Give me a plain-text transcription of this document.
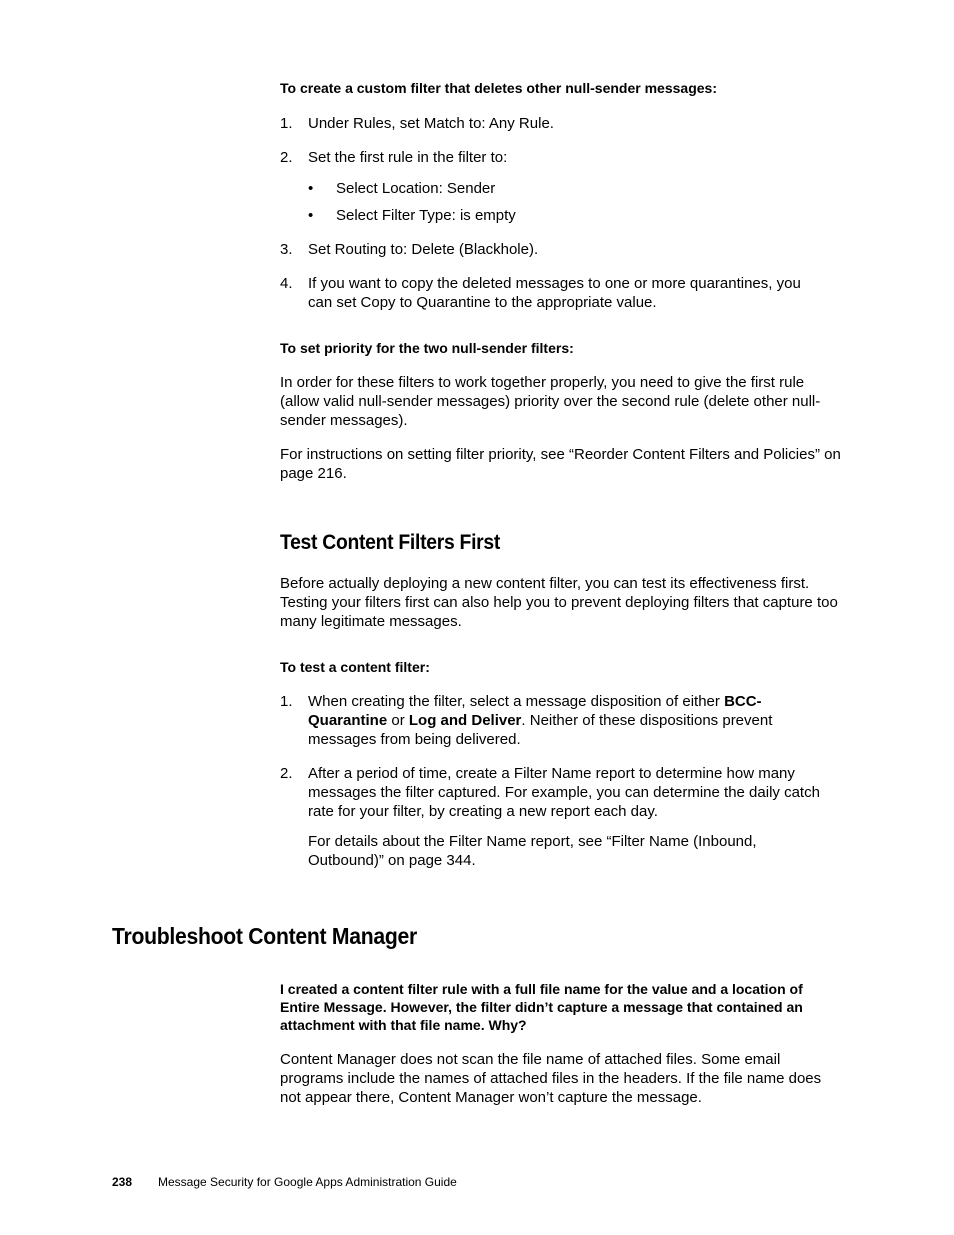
To create a custom filter that deletes other null-sender messages:

1. Under Rules, set Match to: Any Rule.
2. Set the first rule in the filter to:
• Select Location: Sender
• Select Filter Type: is empty
3. Set Routing to: Delete (Blackhole).
4. If you want to copy the deleted messages to one or more quarantines, you can set Copy to Quarantine to the appropriate value.

To set priority for the two null-sender filters:

In order for these filters to work together properly, you need to give the first rule (allow valid null-sender messages) priority over the second rule (delete other null-sender messages).

For instructions on setting filter priority, see “Reorder Content Filters and Policies” on page 216.

Test Content Filters First

Before actually deploying a new content filter, you can test its effectiveness first. Testing your filters first can also help you to prevent deploying filters that capture too many legitimate messages.

To test a content filter:

1. When creating the filter, select a message disposition of either BCC-Quarantine or Log and Deliver. Neither of these dispositions prevent messages from being delivered.
2. After a period of time, create a Filter Name report to determine how many messages the filter captured. For example, you can determine the daily catch rate for your filter, by creating a new report each day.
For details about the Filter Name report, see “Filter Name (Inbound, Outbound)” on page 344.
Troubleshoot Content Manager

I created a content filter rule with a full file name for the value and a location of Entire Message. However, the filter didn’t capture a message that contained an attachment with that file name. Why?

Content Manager does not scan the file name of attached files. Some email programs include the names of attached files in the headers. If the file name does not appear there, Content Manager won’t capture the message.

238 Message Security for Google Apps Administration Guide
